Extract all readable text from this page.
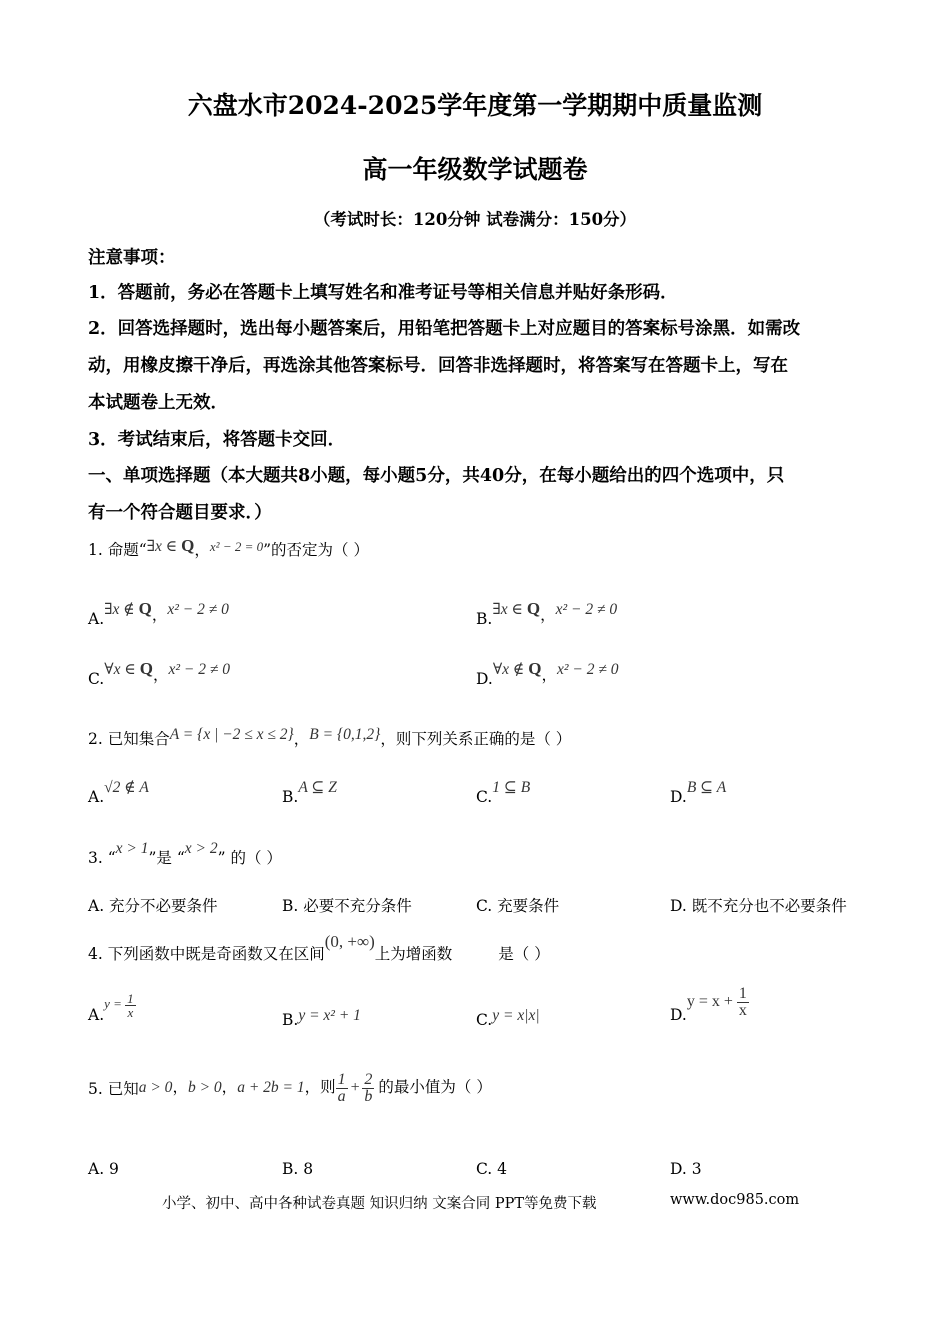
六盘水市2024-2025学年度第一学期期中质量监测
高一年级数学试题卷
（考试时长：120分钟 试卷满分：150分）
注意事项：
1．答题前，务必在答题卡上填写姓名和准考证号等相关信息并贴好条形码．
2．回答选择题时，选出每小题答案后，用铅笔把答题卡上对应题目的答案标号涂黑．如需改
动，用橡皮擦干净后，再选涂其他答案标号．回答非选择题时，将答案写在答题卡上，写在
本试题卷上无效．
3．考试结束后，将答题卡交回．
一、单项选择题（本大题共8小题，每小题5分，共40分，在每小题给出的四个选项中，只
有一个符合题目要求．）
1. 命题“∃x ∈ Q，$^{x^2 - 2 = 0}$”的否定为（ ）
A.∃x ∉ Q，x² − 2 ≠ 0
B.∃x ∈ Q，x² − 2 ≠ 0
C.∀x ∈ Q，x² − 2 ≠ 0
D.∀x ∉ Q，x² − 2 ≠ 0
2. 已知集合A = {x | −2 ≤ x ≤ 2}，B = {0,1,2}，则下列关系正确的是（ ）
A.√2 ∉ A
B.A ⊆ Z
C.1 ⊆ B
D.B ⊆ A
3. “x > 1”是 “x > 2” 的（ ）
A. 充分不必要条件	B. 必要不充分条件	C. 充要条件	D. 既不充分也不必要条件
4. 下列函数中既是奇函数又在区间(0, +∞)上为增函数	是（ ）
$A.y = \frac{1}{x}$
B.y = x² + 1	C.y = x|x|	$D.y = x + \frac{1}{x}$
5. 已知a > 0，b > 0，a + 2b = 1，则 $\frac{1}{a} + \frac{2}{b}$ 的最小值为（ ）
A. 9	B. 8	C. 4	D. 3
小学、初中、高中各种试卷真题 知识归纳 文案合同 PPT等免费下载	www.doc985.com
